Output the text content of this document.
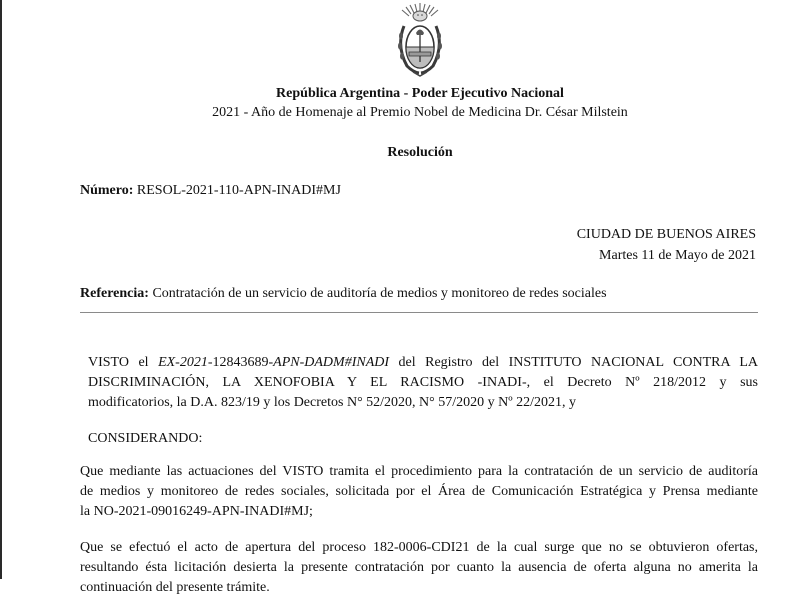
República Argentina - Poder Ejecutivo Nacional
2021 - Año de Homenaje al Premio Nobel de Medicina Dr. César Milstein
Resolución
Número: RESOL-2021-110-APN-INADI#MJ
CIUDAD DE BUENOS AIRES
Martes 11 de Mayo de 2021
Referencia: Contratación de un servicio de auditoría de medios y monitoreo de redes sociales
VISTO el EX-2021-12843689-APN-DADM#INADI del Registro del INSTITUTO NACIONAL CONTRA LA
DISCRIMINACIÓN, LA XENOFOBIA Y EL RACISMO -INADI-, el Decreto Nº 218/2012 y sus
modificatorios, la D.A. 823/19 y los Decretos N° 52/2020, N° 57/2020 y Nº 22/2021, y
CONSIDERANDO:
Que mediante las actuaciones del VISTO tramita el procedimiento para la contratación de un servicio de auditoría
de medios y monitoreo de redes sociales, solicitada por el Área de Comunicación Estratégica y Prensa mediante
la NO-2021-09016249-APN-INADI#MJ;
Que se efectuó el acto de apertura del proceso 182-0006-CDI21 de la cual surge que no se obtuvieron ofertas,
resultando ésta licitación desierta la presente contratación por cuanto la ausencia de oferta alguna no amerita la
continuación del presente trámite.
